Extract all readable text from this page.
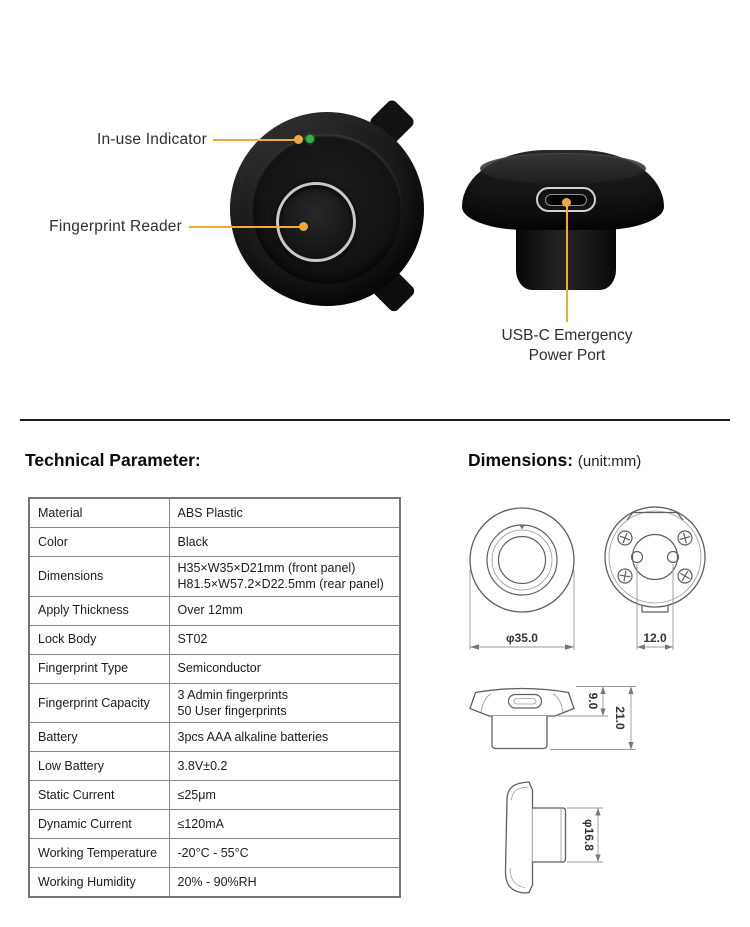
In-use Indicator
Fingerprint Reader
USB-C Emergency
Power Port
Technical Parameter:	Dimensions: (unit:mm)
Material	ABS Plastic

Color	Black

Dimensions	H35×W35×D21mm (front panel)
H81.5×W57.2×D22.5mm (rear panel)

Apply Thickness	Over 12mm

Lock Body	ST02

Fingerprint Type	Semiconductor

Fingerprint Capacity	3 Admin fingerprints
50 User fingerprints

Battery	3pcs AAA alkaline batteries

Low Battery	3.8V±0.2

Static Current	≤25μm

Dynamic Current	≤120mA

Working Temperature	-20°C - 55°C

Working Humidity	20% - 90%RH
φ35.0	12.0
9.0
21.0
φ16.8
